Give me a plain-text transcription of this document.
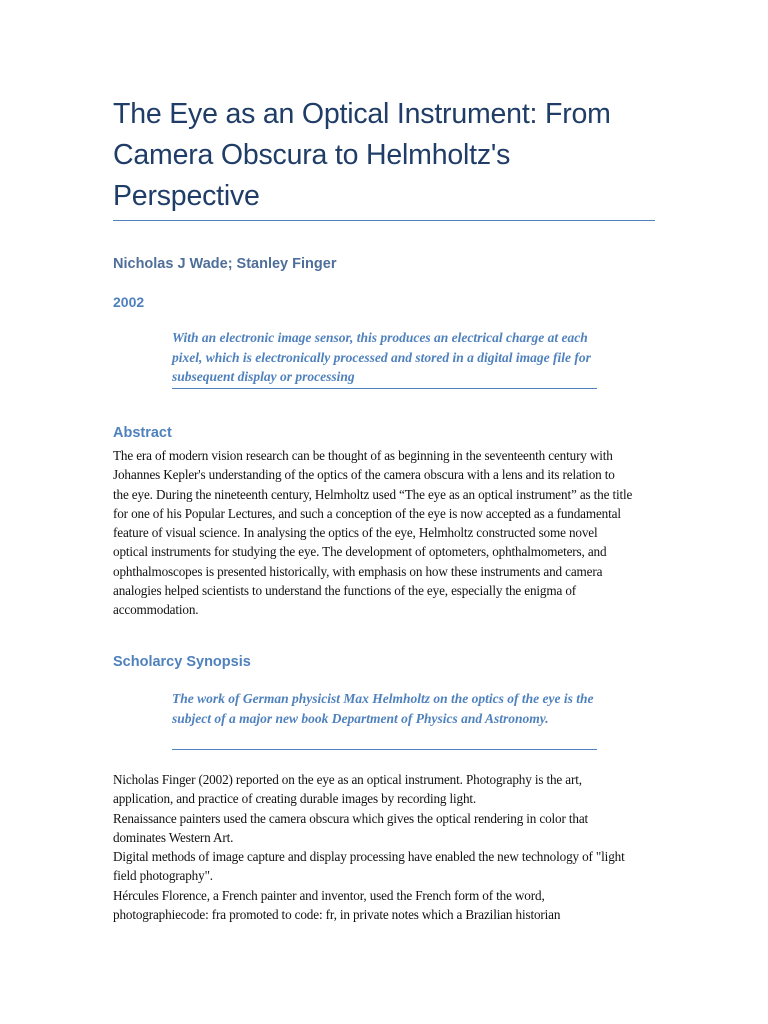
The Eye as an Optical Instrument: From Camera Obscura to Helmholtz's Perspective

Nicholas J Wade; Stanley Finger

2002

With an electronic image sensor, this produces an electrical charge at each pixel, which is electronically processed and stored in a digital image file for subsequent display or processing

Abstract

The era of modern vision research can be thought of as beginning in the seventeenth century with Johannes Kepler's understanding of the optics of the camera obscura with a lens and its relation to the eye. During the nineteenth century, Helmholtz used “The eye as an optical instrument” as the title for one of his Popular Lectures, and such a conception of the eye is now accepted as a fundamental feature of visual science. In analysing the optics of the eye, Helmholtz constructed some novel optical instruments for studying the eye. The development of optometers, ophthalmometers, and ophthalmoscopes is presented historically, with emphasis on how these instruments and camera analogies helped scientists to understand the functions of the eye, especially the enigma of accommodation.

Scholarcy Synopsis

The work of German physicist Max Helmholtz on the optics of the eye is the subject of a major new book Department of Physics and Astronomy.

Nicholas Finger (2002) reported on the eye as an optical instrument. Photography is the art, application, and practice of creating durable images by recording light.

Renaissance painters used the camera obscura which gives the optical rendering in color that dominates Western Art.

Digital methods of image capture and display processing have enabled the new technology of "light field photography".

Hércules Florence, a French painter and inventor, used the French form of the word, photographiecode: fra promoted to code: fr, in private notes which a Brazilian historian
